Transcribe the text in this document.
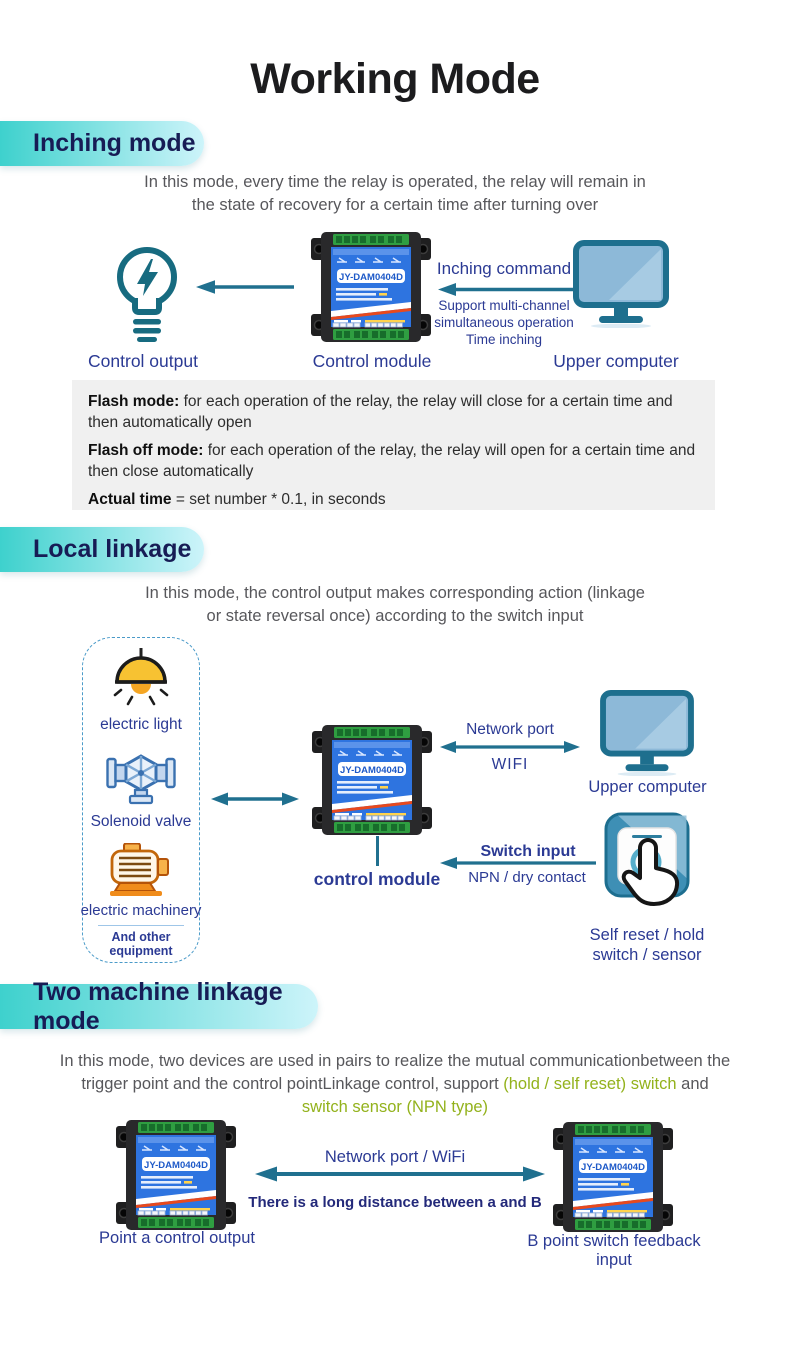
Working Mode
Inching mode
In this mode, every time the relay is operated, the relay will remain in
the state of recovery for a certain time after turning over
Control output
JY-DAM0404D
Control module
Inching command
Support multi-channel
simultaneous operation
Time inching
Upper computer
Flash mode: for each operation of the relay, the relay will close for a certain time and then automatically open
Flash off mode: for each operation of the relay, the relay will open for a certain time and then close automatically
Actual time = set number * 0.1, in seconds
Local linkage
In this mode, the control output makes corresponding action (linkage
or state reversal once) according to the switch input
electric light
Solenoid valve
electric machinery
And other equipment
JY-DAM0404D
control module
Network port
WIFI
Upper computer
Switch input
NPN / dry contact
Self reset / hold
switch / sensor
Two machine linkage mode
In this mode, two devices are used in pairs to realize the mutual communicationbetween the trigger point and the control pointLinkage control, support (hold / self reset) switch and switch sensor (NPN type)
JY-DAM0404D	JY-DAM0404D
Network port / WiFi
There is a long distance between a and B
Point a control output	B point switch feedback input
